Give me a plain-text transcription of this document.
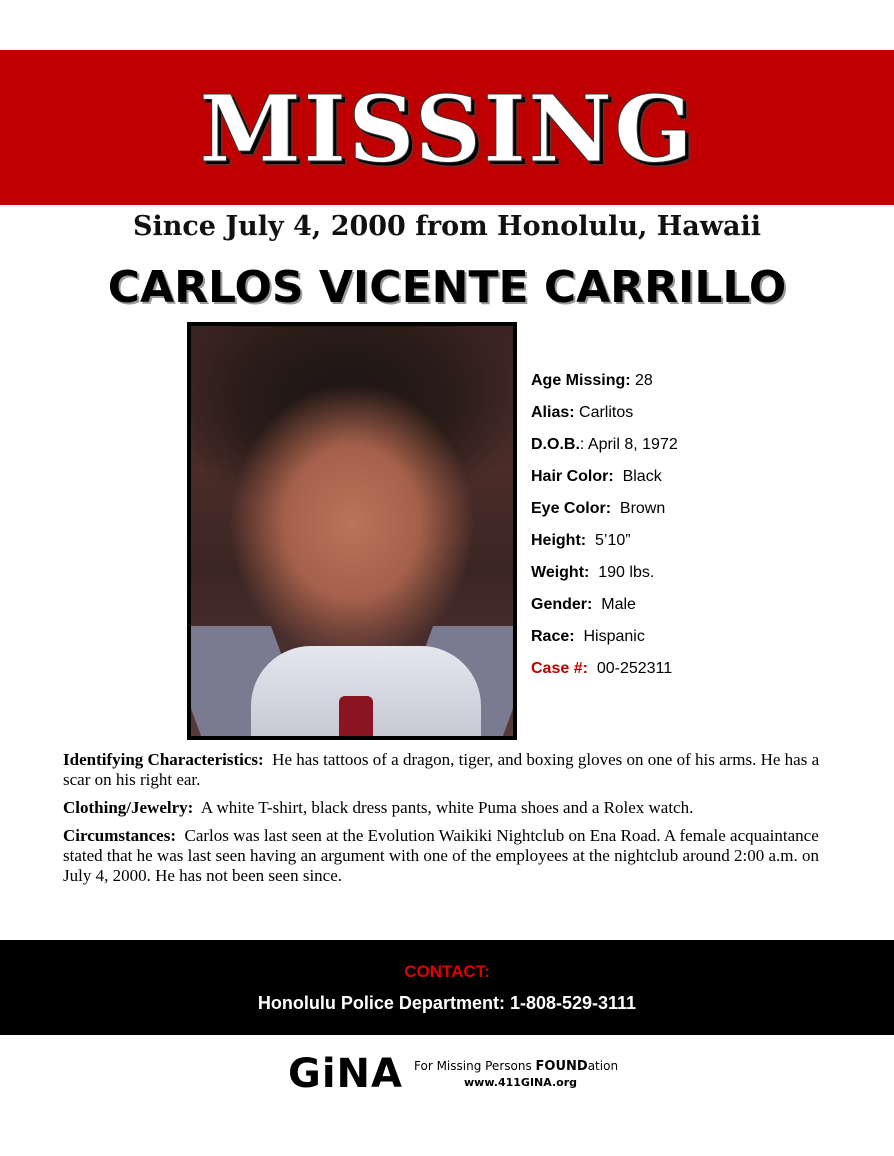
MISSING
Since July 4, 2000 from Honolulu, Hawaii
CARLOS VICENTE CARRILLO
Age Missing: 28
Alias: Carlitos
D.O.B.: April 8, 1972
Hair Color:  Black
Eye Color:  Brown
Height:  5’10”
Weight:  190 lbs.
Gender:  Male
Race:  Hispanic
Case #:  00-252311

Identifying Characteristics:  He has tattoos of a dragon, tiger, and boxing gloves on one of his arms. He has a scar on his right ear.

Clothing/Jewelry:  A white T-shirt, black dress pants, white Puma shoes and a Rolex watch.

Circumstances:  Carlos was last seen at the Evolution Waikiki Nightclub on Ena Road. A female acquaintance stated that he was last seen having an argument with one of the employees at the nightclub around 2:00 a.m. on July 4, 2000. He has not been seen since.

CONTACT:
Honolulu Police Department: 1-808-529-3111
GiNA For Missing Persons FOUNDation
www.411GINA.org
